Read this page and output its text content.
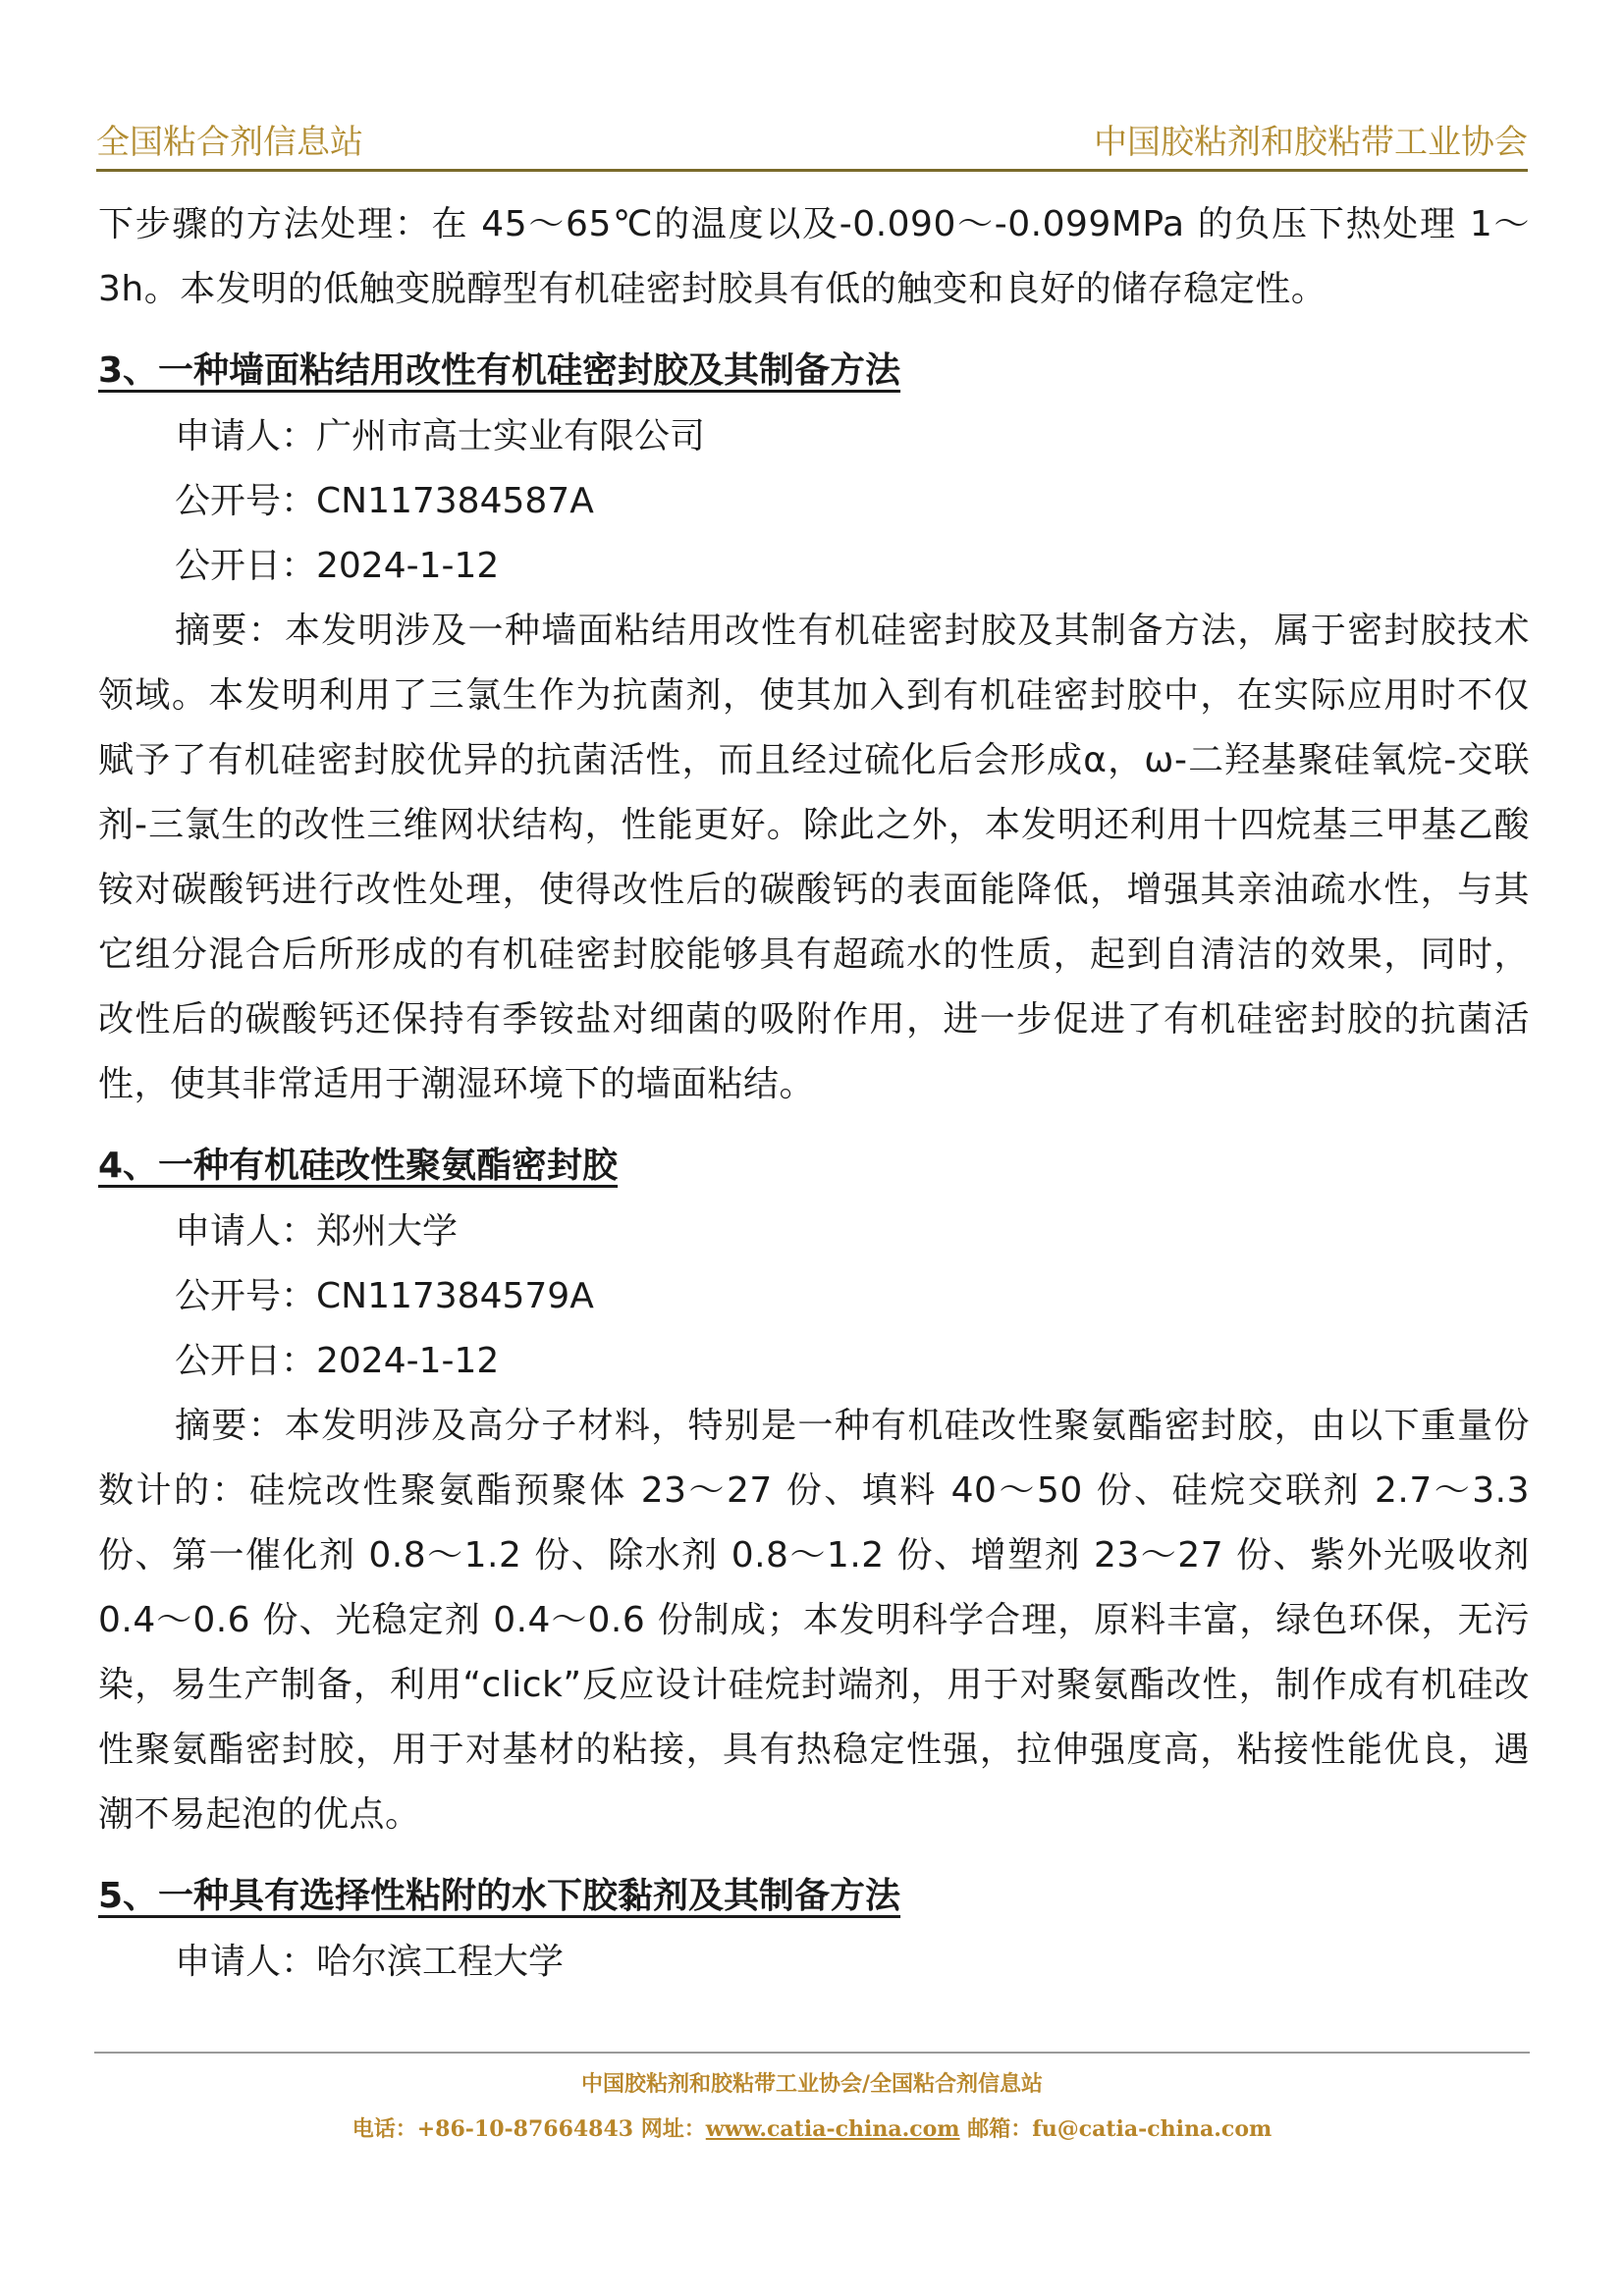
全国粘合剂信息站	中国胶粘剂和胶粘带工业协会

下步骤的方法处理：在 45～65℃的温度以及-0.090～-0.099MPa 的负压下热处理 1～3h。本发明的低触变脱醇型有机硅密封胶具有低的触变和良好的储存稳定性。

3、一种墙面粘结用改性有机硅密封胶及其制备方法

申请人：广州市高士实业有限公司

公开号：CN117384587A

公开日：2024-1-12

摘要：本发明涉及一种墙面粘结用改性有机硅密封胶及其制备方法，属于密封胶技术领域。本发明利用了三氯生作为抗菌剂，使其加入到有机硅密封胶中，在实际应用时不仅赋予了有机硅密封胶优异的抗菌活性，而且经过硫化后会形成α，ω-二羟基聚硅氧烷-交联剂-三氯生的改性三维网状结构，性能更好。除此之外，本发明还利用十四烷基三甲基乙酸铵对碳酸钙进行改性处理，使得改性后的碳酸钙的表面能降低，增强其亲油疏水性，与其它组分混合后所形成的有机硅密封胶能够具有超疏水的性质，起到自清洁的效果，同时，改性后的碳酸钙还保持有季铵盐对细菌的吸附作用，进一步促进了有机硅密封胶的抗菌活性，使其非常适用于潮湿环境下的墙面粘结。

4、一种有机硅改性聚氨酯密封胶

申请人：郑州大学

公开号：CN117384579A

公开日：2024-1-12

摘要：本发明涉及高分子材料，特别是一种有机硅改性聚氨酯密封胶，由以下重量份数计的：硅烷改性聚氨酯预聚体 23～27 份、填料 40～50 份、硅烷交联剂 2.7～3.3 份、第一催化剂 0.8～1.2 份、除水剂 0.8～1.2 份、增塑剂 23～27 份、紫外光吸收剂 0.4～0.6 份、光稳定剂 0.4～0.6 份制成；本发明科学合理，原料丰富，绿色环保，无污染，易生产制备，利用“click”反应设计硅烷封端剂，用于对聚氨酯改性，制作成有机硅改性聚氨酯密封胶，用于对基材的粘接，具有热稳定性强，拉伸强度高，粘接性能优良，遇潮不易起泡的优点。

5、一种具有选择性粘附的水下胶黏剂及其制备方法

申请人：哈尔滨工程大学

中国胶粘剂和胶粘带工业协会/全国粘合剂信息站
电话：+86-10-87664843 网址：www.catia-china.com 邮箱：fu@catia-china.com
